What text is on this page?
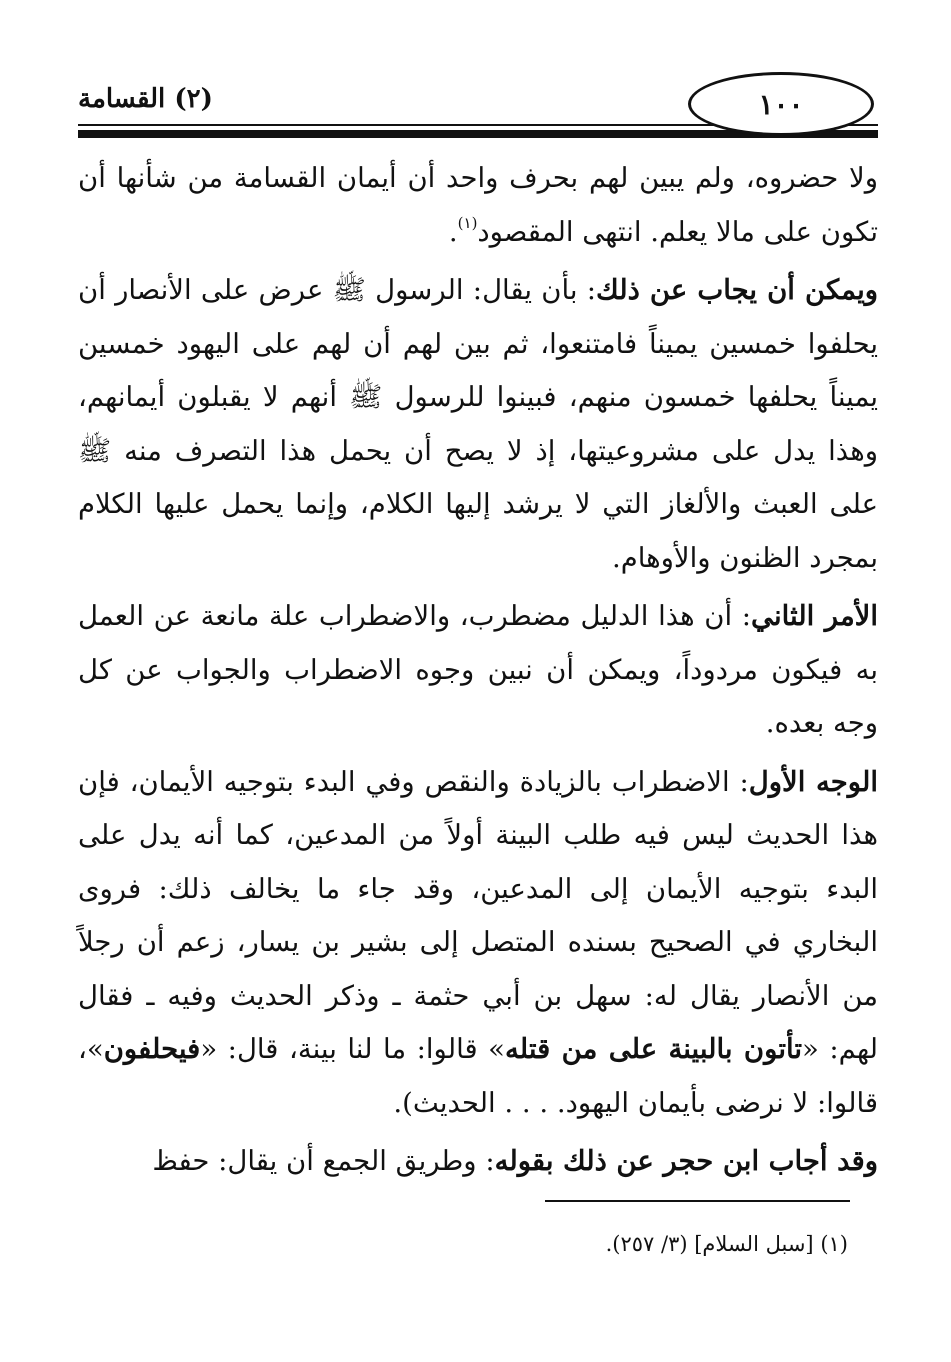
(٢) القسامة	١٠٠

ولا حضروه، ولم يبين لهم بحرف واحد أن أيمان القسامة من شأنها أن تكون على مالا يعلم. انتهى المقصود$^{(١)}$.

ويمكن أن يجاب عن ذلك: بأن يقال: الرسول ﷺ عرض على الأنصار أن يحلفوا خمسين يميناً فامتنعوا، ثم بين لهم أن لهم على اليهود خمسين يميناً يحلفها خمسون منهم، فبينوا للرسول ﷺ أنهم لا يقبلون أيمانهم، وهذا يدل على مشروعيتها، إذ لا يصح أن يحمل هذا التصرف منه ﷺ على العبث والألغاز التي لا يرشد إليها الكلام، وإنما يحمل عليها الكلام بمجرد الظنون والأوهام.

الأمر الثاني: أن هذا الدليل مضطرب، والاضطراب علة مانعة عن العمل به فيكون مردوداً، ويمكن أن نبين وجوه الاضطراب والجواب عن كل وجه بعده.

الوجه الأول: الاضطراب بالزيادة والنقص وفي البدء بتوجيه الأيمان، فإن هذا الحديث ليس فيه طلب البينة أولاً من المدعين، كما أنه يدل على البدء بتوجيه الأيمان إلى المدعين، وقد جاء ما يخالف ذلك: فروى البخاري في الصحيح بسنده المتصل إلى بشير بن يسار، زعم أن رجلاً من الأنصار يقال له: سهل بن أبي حثمة ـ وذكر الحديث وفيه ـ فقال لهم: «تأتون بالبينة على من قتله» قالوا: ما لنا بينة، قال: «فيحلفون»، قالوا: لا نرضى بأيمان اليهود. . . . الحديث).

وقد أجاب ابن حجر عن ذلك بقوله: وطريق الجمع أن يقال: حفظ

(١) [سبل السلام] (٣/ ٢٥٧).
